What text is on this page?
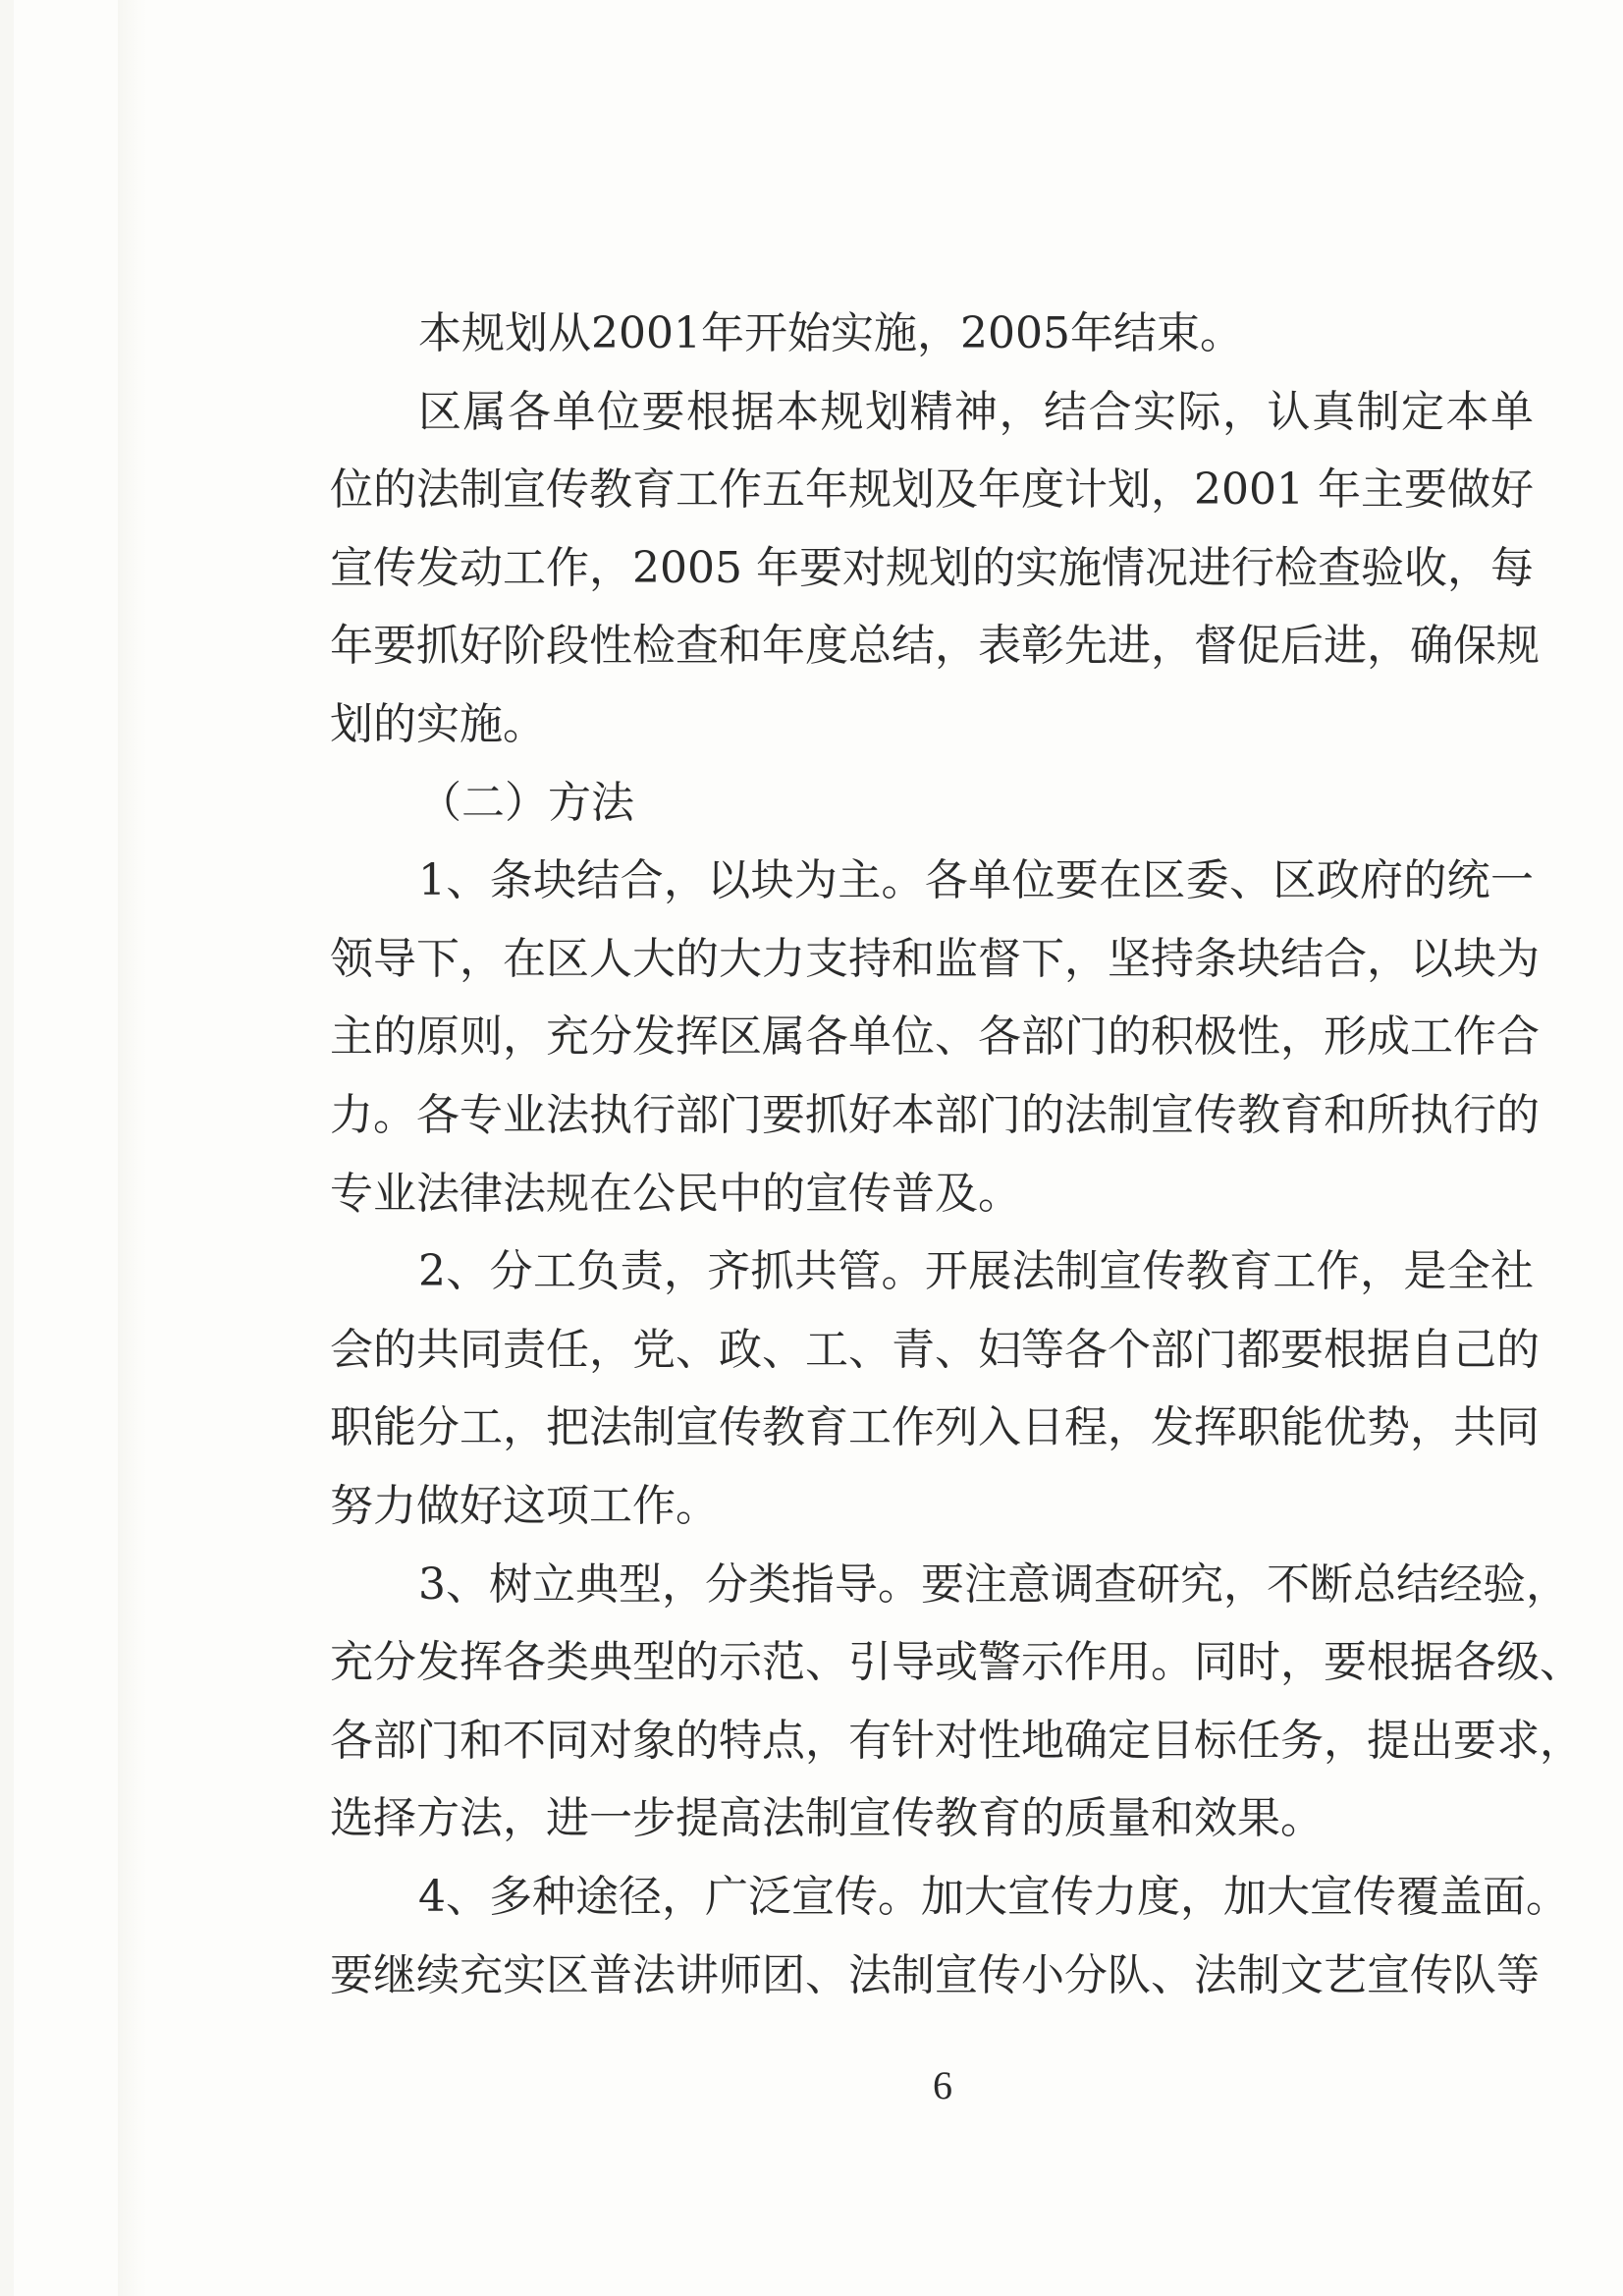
本规划从2001年开始实施，2005年结束。
区属各单位要根据本规划精神，结合实际，认真制定本单
位的法制宣传教育工作五年规划及年度计划，2001 年主要做好
宣传发动工作，2005 年要对规划的实施情况进行检查验收，每
年要抓好阶段性检查和年度总结，表彰先进，督促后进，确保规
划的实施。
（二）方法
1、条块结合，以块为主。各单位要在区委、区政府的统一
领导下，在区人大的大力支持和监督下，坚持条块结合，以块为
主的原则，充分发挥区属各单位、各部门的积极性，形成工作合
力。各专业法执行部门要抓好本部门的法制宣传教育和所执行的
专业法律法规在公民中的宣传普及。
2、分工负责，齐抓共管。开展法制宣传教育工作，是全社
会的共同责任，党、政、工、青、妇等各个部门都要根据自己的
职能分工，把法制宣传教育工作列入日程，发挥职能优势，共同
努力做好这项工作。
3、树立典型，分类指导。要注意调查研究，不断总结经验，
充分发挥各类典型的示范、引导或警示作用。同时，要根据各级、
各部门和不同对象的特点，有针对性地确定目标任务，提出要求，
选择方法，进一步提高法制宣传教育的质量和效果。
4、多种途径，广泛宣传。加大宣传力度，加大宣传覆盖面。
要继续充实区普法讲师团、法制宣传小分队、法制文艺宣传队等
6
